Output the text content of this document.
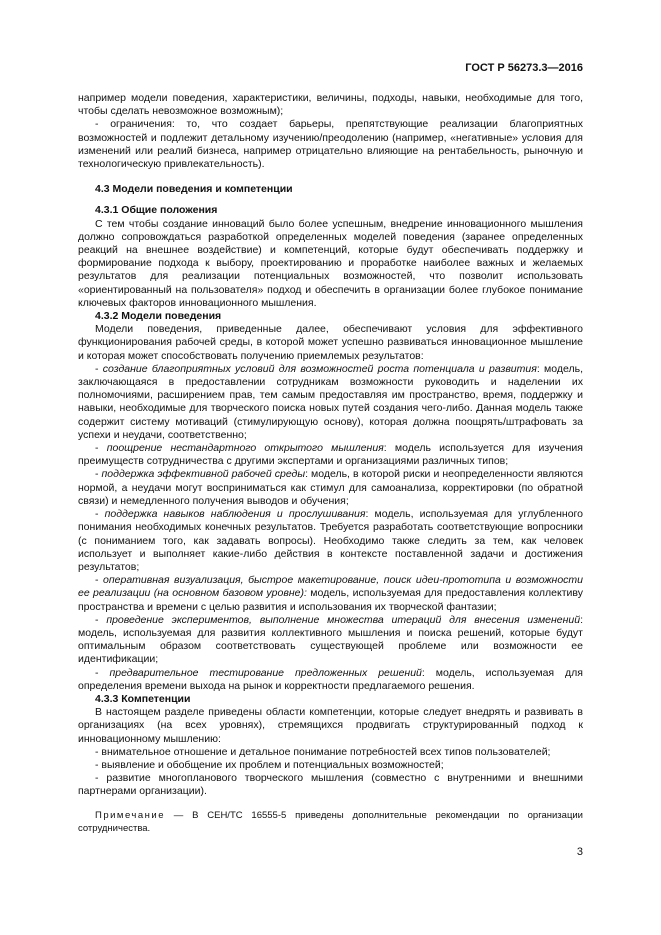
ГОСТ Р 56273.3—2016

например модели поведения, характеристики, величины, подходы, навыки, необходимые для того, чтобы сделать невозможное возможным);

- ограничения: то, что создает барьеры, препятствующие реализации благоприятных возможностей и подлежит детальному изучению/преодолению (например, «негативные» условия для изменений или реалий бизнеса, например отрицательно влияющие на рентабельность, рыночную и технологическую привлекательность).

4.3 Модели поведения и компетенции

4.3.1 Общие положения

С тем чтобы создание инноваций было более успешным, внедрение инновационного мышления должно сопровождаться разработкой определенных моделей поведения (заранее определенных реакций на внешнее воздействие) и компетенций, которые будут обеспечивать поддержку и формирование подхода к выбору, проектированию и проработке наиболее важных и желаемых результатов для реализации потенциальных возможностей, что позволит использовать «ориентированный на пользователя» подход и обеспечить в организации более глубокое понимание ключевых факторов инновационного мышления.

4.3.2 Модели поведения

Модели поведения, приведенные далее, обеспечивают условия для эффективного функционирования рабочей среды, в которой может успешно развиваться инновационное мышление и которая может способствовать получению приемлемых результатов:

- создание благоприятных условий для возможностей роста потенциала и развития: модель, заключающаяся в предоставлении сотрудникам возможности руководить и наделении их полномочиями, расширением прав, тем самым предоставляя им пространство, время, поддержку и навыки, необходимые для творческого поиска новых путей создания чего-либо. Данная модель также содержит систему мотиваций (стимулирующую основу), которая должна поощрять/штрафовать за успехи и неудачи, соответственно;

- поощрение нестандартного открытого мышления: модель используется для изучения преимуществ сотрудничества с другими экспертами и организациями различных типов;

- поддержка эффективной рабочей среды: модель, в которой риски и неопределенности являются нормой, а неудачи могут восприниматься как стимул для самоанализа, корректировки (по обратной связи) и немедленного получения выводов и обучения;

- поддержка навыков наблюдения и прослушивания: модель, используемая для углубленного понимания необходимых конечных результатов. Требуется разработать соответствующие вопросники (с пониманием того, как задавать вопросы). Необходимо также следить за тем, как человек использует и выполняет какие-либо действия в контексте поставленной задачи и достижения результатов;

- оперативная визуализация, быстрое макетирование, поиск идеи-прототипа и возможности ее реализации (на основном базовом уровне): модель, используемая для предоставления коллективу пространства и времени с целью развития и использования их творческой фантазии;

- проведение экспериментов, выполнение множества итераций для внесения изменений: модель, используемая для развития коллективного мышления и поиска решений, которые будут оптимальным образом соответствовать существующей проблеме или возможности ее идентификации;

- предварительное тестирование предложенных решений: модель, используемая для определения времени выхода на рынок и корректности предлагаемого решения.

4.3.3 Компетенции

В настоящем разделе приведены области компетенции, которые следует внедрять и развивать в организациях (на всех уровнях), стремящихся продвигать структурированный подход к инновационному мышлению:

- внимательное отношение и детальное понимание потребностей всех типов пользователей;

- выявление и обобщение их проблем и потенциальных возможностей;

- развитие многопланового творческого мышления (совместно с внутренними и внешними партнерами организации).

Примечание — В CEH/TC 16555-5 приведены дополнительные рекомендации по организации сотрудничества.

3
